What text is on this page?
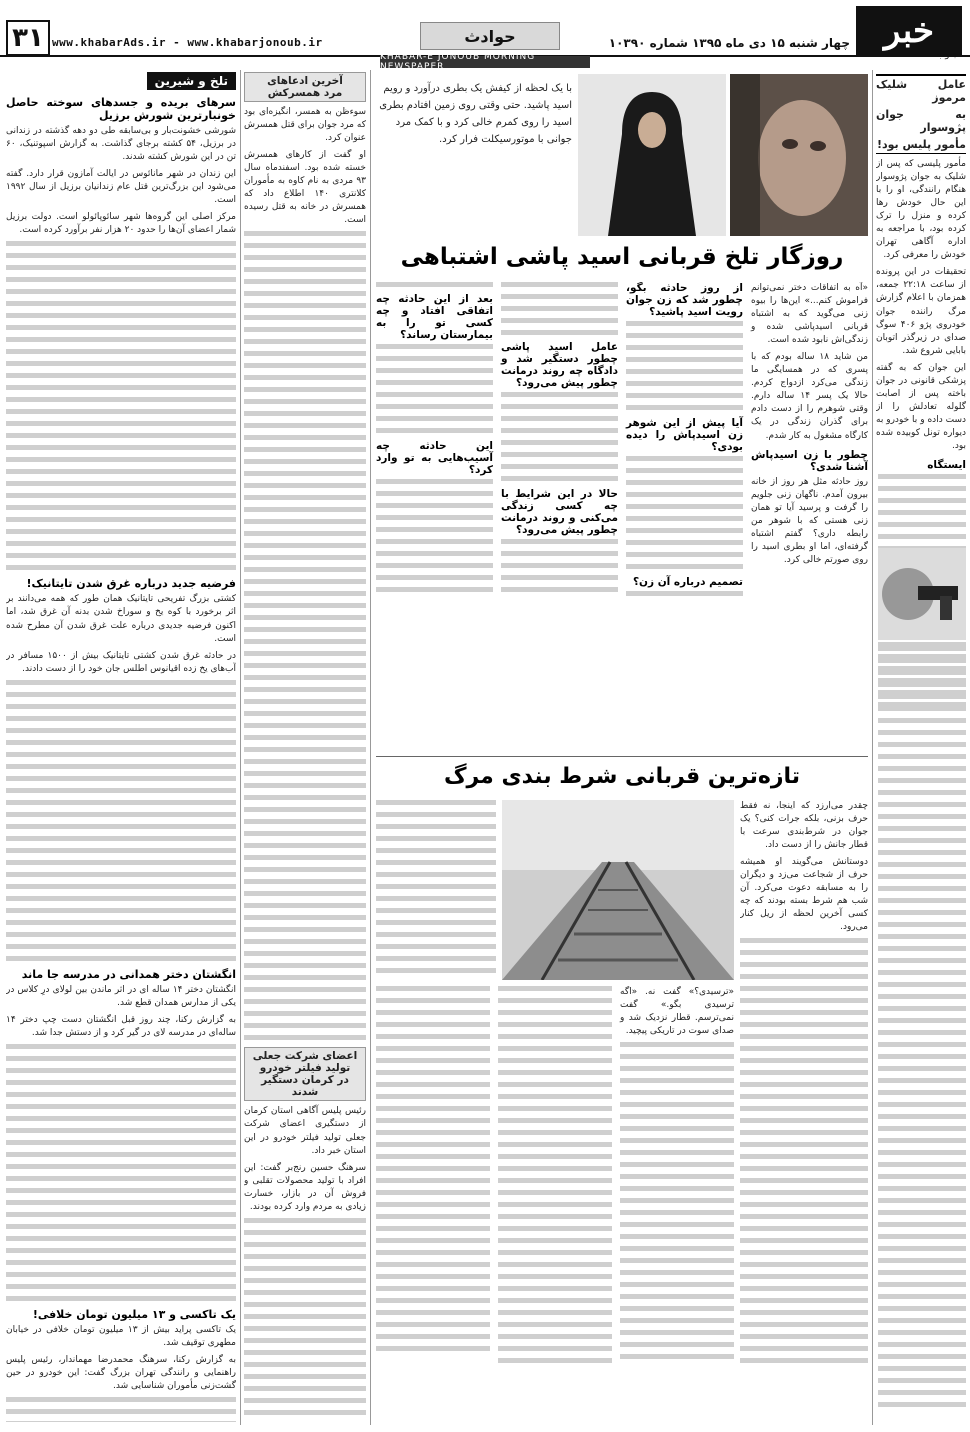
۳۱ www.khabarAds.ir - www.khabarjonoub.ir	حوادث	چهار شنبه ۱۵ دی ماه ۱۳۹۵ شماره ۱۰۳۹۰ خبر
KHABAR-E JONOUB MORNING NEWSPAPER
عامل شلیک مرموز
به جوان پژوسوار
مأمور پلیس بود!

مأمور پلیسی که پس از شلیک به جوان پژوسوار هنگام رانندگی، او را با این حال خودش رها کرده و منزل را ترک کرده بود، با مراجعه به اداره آگاهی تهران خودش را معرفی کرد.

تحقیقات در این پرونده از ساعت ۲۲:۱۸ جمعه، همزمان با اعلام گزارش مرگ راننده جوان خودروی پژو ۴۰۶ سوگ صدای در زیرگذر اتوبان بابایی شروع شد.

این جوان که به گفته پزشکی قانونی در جوان باخته پس از اصابت گلوله تعادلش را از دست داده و با خودرو به دیواره تونل کوبیده شده بود.

ایستگاه

با یک لحظه از کیفش یک بطری درآورد و رویم اسید پاشید. حتی وقتی روی زمین افتادم بطری اسید را روی کمرم خالی کرد و با کمک مرد جوانی با موتورسیکلت فرار کرد.

روزگار تلخ قربانی اسید پاشی اشتباهی

«آه به اتفاقات دختر نمی‌توانم فراموش کنم...» این‌ها را بیوه زنی می‌گوید که به اشتباه قربانی اسیدپاشی شده و زندگی‌اش نابود شده است.

من شاید ۱۸ ساله بودم که با پسری که در همسایگی ما زندگی می‌کرد ازدواج کردم. حالا یک پسر ۱۴ ساله دارم. وقتی شوهرم را از دست دادم برای گذران زندگی در یک کارگاه مشغول به کار شدم.

چطور با زن اسیدپاش آشنا شدی؟

روز حادثه مثل هر روز از خانه بیرون آمدم. ناگهان زنی جلویم را گرفت و پرسید آیا تو همان زنی هستی که با شوهر من رابطه داری؟ گفتم اشتباه گرفته‌ای، اما او بطری اسید را روی صورتم خالی کرد.

از روز حادثه بگو، چطور شد که زن جوان رویت اسید پاشید؟
آیا پیش از این شوهر زن اسیدپاش را دیده بودی؟
تصمیم درباره آن زن؟
عامل اسید پاشی چطور دستگیر شد و دادگاه چه روند درمانت چطور پیش می‌رود؟
حالا در این شرایط با چه کسی زندگی می‌کنی و روند درمانت چطور پیش می‌رود؟
بعد از این حادثه چه اتفاقی افتاد و چه کسی تو را به بیمارستان رساند؟
این حادثه چه آسیب‌هایی به تو وارد کرد؟
تازه‌ترین قربانی شرط بندی مرگ

چقدر می‌ارزد که اینجا، نه فقط حرف بزنی، بلکه جرات کنی؟ یک جوان در شرط‌بندی سرعت با قطار جانش را از دست داد.

دوستانش می‌گویند او همیشه حرف از شجاعت می‌زد و دیگران را به مسابقه دعوت می‌کرد. آن شب هم شرط بسته بودند که چه کسی آخرین لحظه از ریل کنار می‌رود.

«ترسیدی؟» گفت نه. «اگه ترسیدی بگو.» گفت نمی‌ترسم. قطار نزدیک شد و صدای سوت در تاریکی پیچید.

آخرین ادعاهای
مرد همسرکش

سوءظن به همسر، انگیزه‌ای بود که مرد جوان برای قتل همسرش عنوان کرد.

او گفت از کارهای همسرش خسته شده بود. اسفندماه سال ۹۳ مردی به نام کاوه به مأموران کلانتری ۱۴۰ اطلاع داد که همسرش در خانه به قتل رسیده است.

اعضای شرکت جعلی
تولید فیلتر خودرو
در کرمان دستگیر شدند

رئیس پلیس آگاهی استان کرمان از دستگیری اعضای شرکت جعلی تولید فیلتر خودرو در این استان خبر داد.

سرهنگ حسین رنج‌بر گفت: این افراد با تولید محصولات تقلبی و فروش آن در بازار، خسارت زیادی به مردم وارد کرده بودند.

تلخ و شیرین
سرهای بریده و جسدهای سوخته حاصل خونبارترین شورش برزیل

شورشی خشونت‌بار و بی‌سابقه طی دو دهه گذشته در زندانی در برزیل، ۵۴ کشته برجای گذاشت. به گزارش اسپوتنیک، ۶۰ تن در این شورش کشته شدند.

این زندان در شهر مانائوس در ایالت آمازون قرار دارد. گفته می‌شود این بزرگ‌ترین قتل عام زندانیان برزیل از سال ۱۹۹۲ است.

مرکز اصلی این گروه‌ها شهر سائوپائولو است. دولت برزیل شمار اعضای آن‌ها را حدود ۲۰ هزار نفر برآورد کرده است.

فرضیه جدید درباره غرق شدن تایتانیک!

کشتی بزرگ تفریحی تایتانیک همان طور که همه می‌دانند بر اثر برخورد با کوه یخ و سوراخ شدن بدنه آن غرق شد، اما اکنون فرضیه جدیدی درباره علت غرق شدن آن مطرح شده است.

در حادثه غرق شدن کشتی تایتانیک بیش از ۱۵۰۰ مسافر در آب‌های یخ زده اقیانوس اطلس جان خود را از دست دادند.

انگشتان دختر همدانی در مدرسه جا ماند

انگشتان دختر ۱۴ ساله ای در اثر ماندن بین لولای درِ کلاس در یکی از مدارس همدان قطع شد.

به گزارش رکنا، چند روز قبل انگشتان دست چپ دختر ۱۴ ساله‌ای در مدرسه لای در گیر کرد و از دستش جدا شد.

یک تاکسی و ۱۳ میلیون تومان خلافی!

یک تاکسی پراید بیش از ۱۳ میلیون تومان خلافی در خیابان مطهری توقیف شد.

به گزارش رکنا، سرهنگ محمدرضا مهماندار، رئیس پلیس راهنمایی و رانندگی تهران بزرگ گفت: این خودرو در حین گشت‌زنی مأموران شناسایی شد.
